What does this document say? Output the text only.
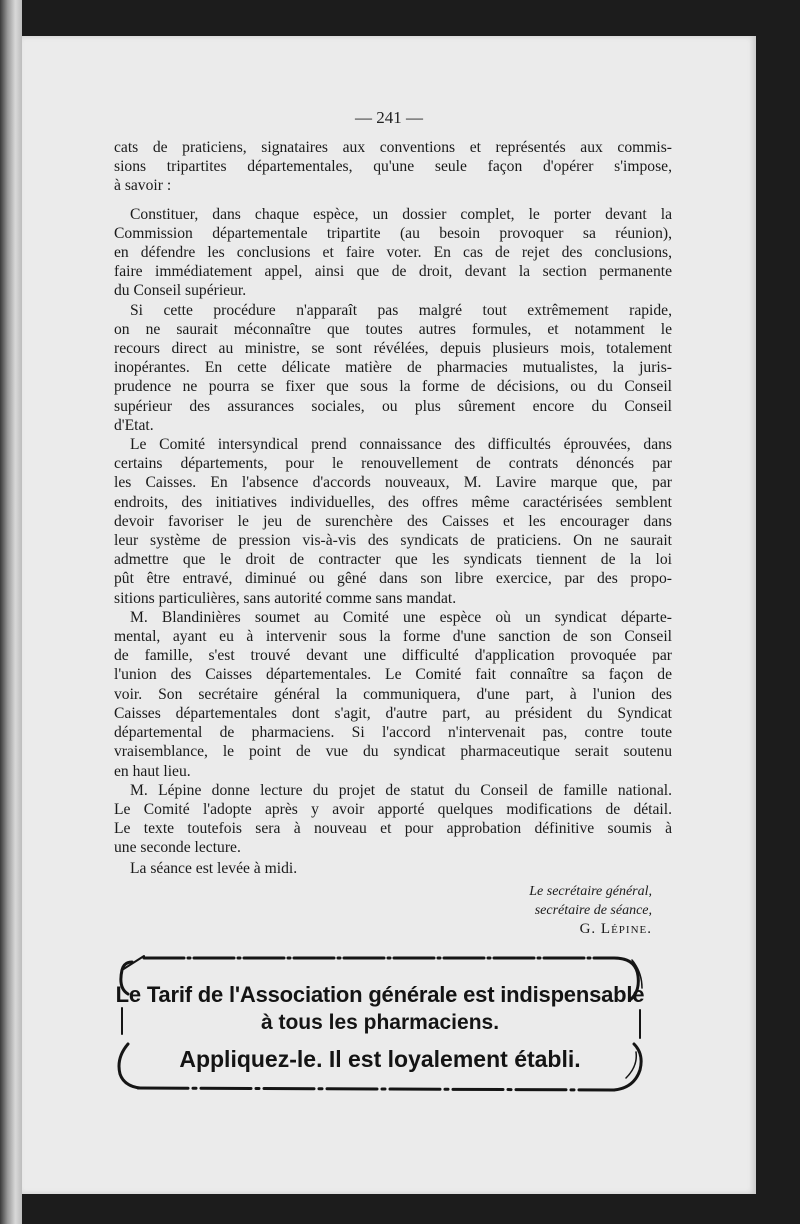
— 241 —
cats de praticiens, signataires aux conventions et représentés aux commis-
sions tripartites départementales, qu'une seule façon d'opérer s'impose,
à savoir :
Constituer, dans chaque espèce, un dossier complet, le porter devant la
Commission départementale tripartite (au besoin provoquer sa réunion),
en défendre les conclusions et faire voter. En cas de rejet des conclusions,
faire immédiatement appel, ainsi que de droit, devant la section permanente
du Conseil supérieur.
Si cette procédure n'apparaît pas malgré tout extrêmement rapide,
on ne saurait méconnaître que toutes autres formules, et notamment le
recours direct au ministre, se sont révélées, depuis plusieurs mois, totalement
inopérantes. En cette délicate matière de pharmacies mutualistes, la juris-
prudence ne pourra se fixer que sous la forme de décisions, ou du Conseil
supérieur des assurances sociales, ou plus sûrement encore du Conseil
d'Etat.
Le Comité intersyndical prend connaissance des difficultés éprouvées, dans
certains départements, pour le renouvellement de contrats dénoncés par
les Caisses. En l'absence d'accords nouveaux, M. Lavire marque que, par
endroits, des initiatives individuelles, des offres même caractérisées semblent
devoir favoriser le jeu de surenchère des Caisses et les encourager dans
leur système de pression vis-à-vis des syndicats de praticiens. On ne saurait
admettre que le droit de contracter que les syndicats tiennent de la loi
pût être entravé, diminué ou gêné dans son libre exercice, par des propo-
sitions particulières, sans autorité comme sans mandat.
M. Blandinières soumet au Comité une espèce où un syndicat départe-
mental, ayant eu à intervenir sous la forme d'une sanction de son Conseil
de famille, s'est trouvé devant une difficulté d'application provoquée par
l'union des Caisses départementales. Le Comité fait connaître sa façon de
voir. Son secrétaire général la communiquera, d'une part, à l'union des
Caisses départementales dont s'agit, d'autre part, au président du Syndicat
départemental de pharmaciens. Si l'accord n'intervenait pas, contre toute
vraisemblance, le point de vue du syndicat pharmaceutique serait soutenu
en haut lieu.
M. Lépine donne lecture du projet de statut du Conseil de famille national.
Le Comité l'adopte après y avoir apporté quelques modifications de détail.
Le texte toutefois sera à nouveau et pour approbation définitive soumis à
une seconde lecture.
La séance est levée à midi.
Le secrétaire général,
secrétaire de séance,
G. Lépine.
Le Tarif de l'Association générale est indispensable
à tous les pharmaciens.
Appliquez-le. Il est loyalement établi.
